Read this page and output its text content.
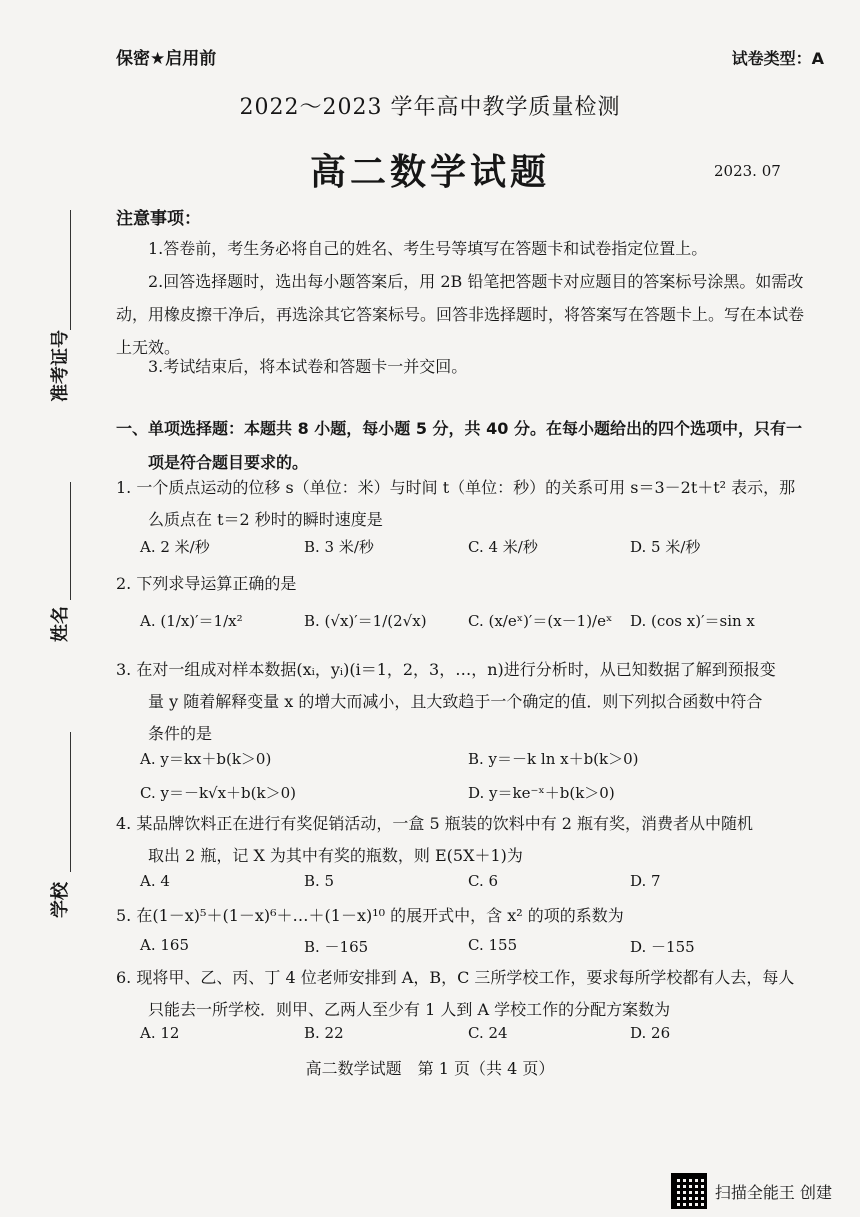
保密★启用前	试卷类型：A
2022～2023 学年高中教学质量检测
高二数学试题	2023. 07
准考证号
姓名
学校
注意事项：
1.答卷前，考生务必将自己的姓名、考生号等填写在答题卡和试卷指定位置上。
2.回答选择题时，选出每小题答案后，用 2B 铅笔把答题卡对应题目的答案标号涂黑。如需改动，用橡皮擦干净后，再选涂其它答案标号。回答非选择题时，将答案写在答题卡上。写在本试卷上无效。
3.考试结束后，将本试卷和答题卡一并交回。
一、单项选择题：本题共 8 小题，每小题 5 分，共 40 分。在每小题给出的四个选项中，只有一
项是符合题目要求的。
1. 一个质点运动的位移 s（单位：米）与时间 t（单位：秒）的关系可用 s＝3－2t＋t² 表示，那
么质点在 t＝2 秒时的瞬时速度是
A. 2 米/秒	B. 3 米/秒	C. 4 米/秒	D. 5 米/秒
2. 下列求导运算正确的是
A. (1/x)′＝1/x²	B. (√x)′＝1/(2√x)	C. (x/eˣ)′＝(x－1)/eˣ D. (cos x)′＝sin x
3. 在对一组成对样本数据(xᵢ，yᵢ)(i＝1，2，3，…，n)进行分析时，从已知数据了解到预报变
量 y 随着解释变量 x 的增大而减小，且大致趋于一个确定的值．则下列拟合函数中符合
条件的是
A. y＝kx＋b(k＞0)	B. y＝－k ln x＋b(k＞0)
C. y＝－k√x＋b(k＞0)	D. y＝ke⁻ˣ＋b(k＞0)
4. 某品牌饮料正在进行有奖促销活动，一盒 5 瓶装的饮料中有 2 瓶有奖，消费者从中随机
取出 2 瓶，记 X 为其中有奖的瓶数，则 E(5X＋1)为
A. 4	B. 5	C. 6	D. 7
5. 在(1－x)⁵＋(1－x)⁶＋…＋(1－x)¹⁰ 的展开式中，含 x² 的项的系数为
A. 165	B. －165	C. 155	D. －155
6. 现将甲、乙、丙、丁 4 位老师安排到 A，B，C 三所学校工作，要求每所学校都有人去，每人
只能去一所学校．则甲、乙两人至少有 1 人到 A 学校工作的分配方案数为
A. 12	B. 22	C. 24	D. 26
高二数学试题　第 1 页（共 4 页）
扫描全能王 创建
